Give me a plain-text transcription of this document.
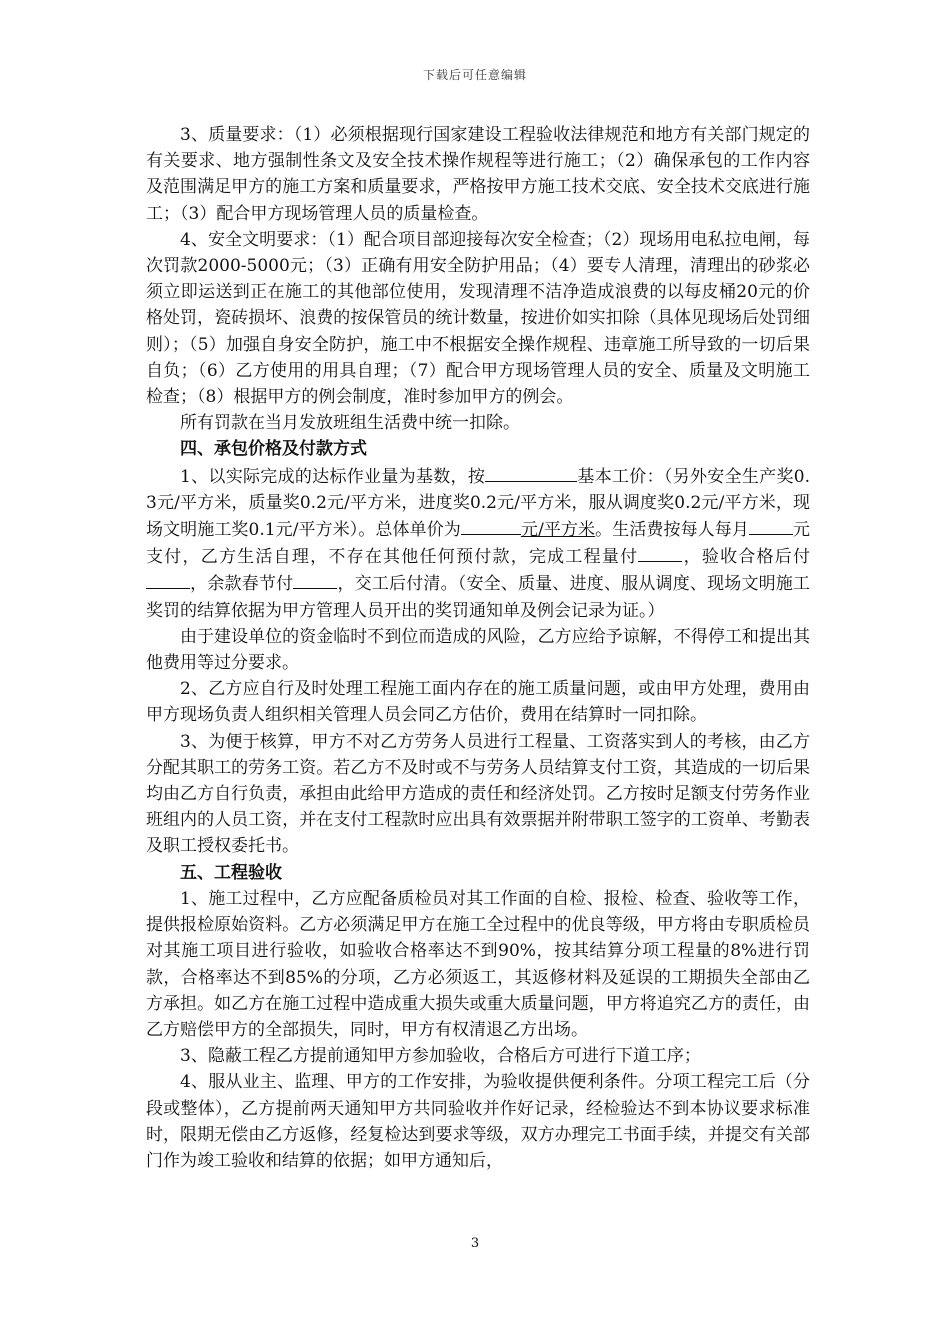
下载后可任意编辑

3、质量要求：（1）必须根据现行国家建设工程验收法律规范和地方有关部门规定的有关要求、地方强制性条文及安全技术操作规程等进行施工；（2）确保承包的工作内容及范围满足甲方的施工方案和质量要求，严格按甲方施工技术交底、安全技术交底进行施工；（3）配合甲方现场管理人员的质量检查。

4、安全文明要求：（1）配合项目部迎接每次安全检查；（2）现场用电私拉电闸，每次罚款2000-5000元；（3）正确有用安全防护用品；（4）要专人清理，清理出的砂浆必须立即运送到正在施工的其他部位使用，发现清理不洁净造成浪费的以每皮桶20元的价格处罚，瓷砖损坏、浪费的按保管员的统计数量，按进价如实扣除（具体见现场后处罚细则）；（5）加强自身安全防护，施工中不根据安全操作规程、违章施工所导致的一切后果自负；（6）乙方使用的用具自理；（7）配合甲方现场管理人员的安全、质量及文明施工检查；（8）根据甲方的例会制度，准时参加甲方的例会。

所有罚款在当月发放班组生活费中统一扣除。

四、承包价格及付款方式

1、以实际完成的达标作业量为基数，按	基本工价：（另外安全生产奖0.3元/平方米，质量奖0.2元/平方米，进度奖0.2元/平方米，服从调度奖0.2元/平方米，现场文明施工奖0.1元/平方米）。总体单价为	元/平方米。生活费按每人每月	元支付，乙方生活自理，不存在其他任何预付款，完成工程量付	，验收合格后付，余款春节付	，交工后付清。（安全、质量、进度、服从调度、现场文明施工奖罚的结算依据为甲方管理人员开出的奖罚通知单及例会记录为证。）

由于建设单位的资金临时不到位而造成的风险，乙方应给予谅解，不得停工和提出其他费用等过分要求。

2、乙方应自行及时处理工程施工面内存在的施工质量问题，或由甲方处理，费用由甲方现场负责人组织相关管理人员会同乙方估价，费用在结算时一同扣除。

3、为便于核算，甲方不对乙方劳务人员进行工程量、工资落实到人的考核，由乙方分配其职工的劳务工资。若乙方不及时或不与劳务人员结算支付工资，其造成的一切后果均由乙方自行负责，承担由此给甲方造成的责任和经济处罚。乙方按时足额支付劳务作业班组内的人员工资，并在支付工程款时应出具有效票据并附带职工签字的工资单、考勤表及职工授权委托书。

五、工程验收

1、施工过程中，乙方应配备质检员对其工作面的自检、报检、检查、验收等工作，提供报检原始资料。乙方必须满足甲方在施工全过程中的优良等级，甲方将由专职质检员对其施工项目进行验收，如验收合格率达不到90%，按其结算分项工程量的8%进行罚款，合格率达不到85%的分项，乙方必须返工，其返修材料及延误的工期损失全部由乙方承担。如乙方在施工过程中造成重大损失或重大质量问题，甲方将追究乙方的责任，由乙方赔偿甲方的全部损失，同时，甲方有权清退乙方出场。

3、隐蔽工程乙方提前通知甲方参加验收，合格后方可进行下道工序；

4、服从业主、监理、甲方的工作安排，为验收提供便利条件。分项工程完工后（分段或整体），乙方提前两天通知甲方共同验收并作好记录，经检验达不到本协议要求标准时，限期无偿由乙方返修，经复检达到要求等级，双方办理完工书面手续，并提交有关部门作为竣工验收和结算的依据；如甲方通知后，

3
